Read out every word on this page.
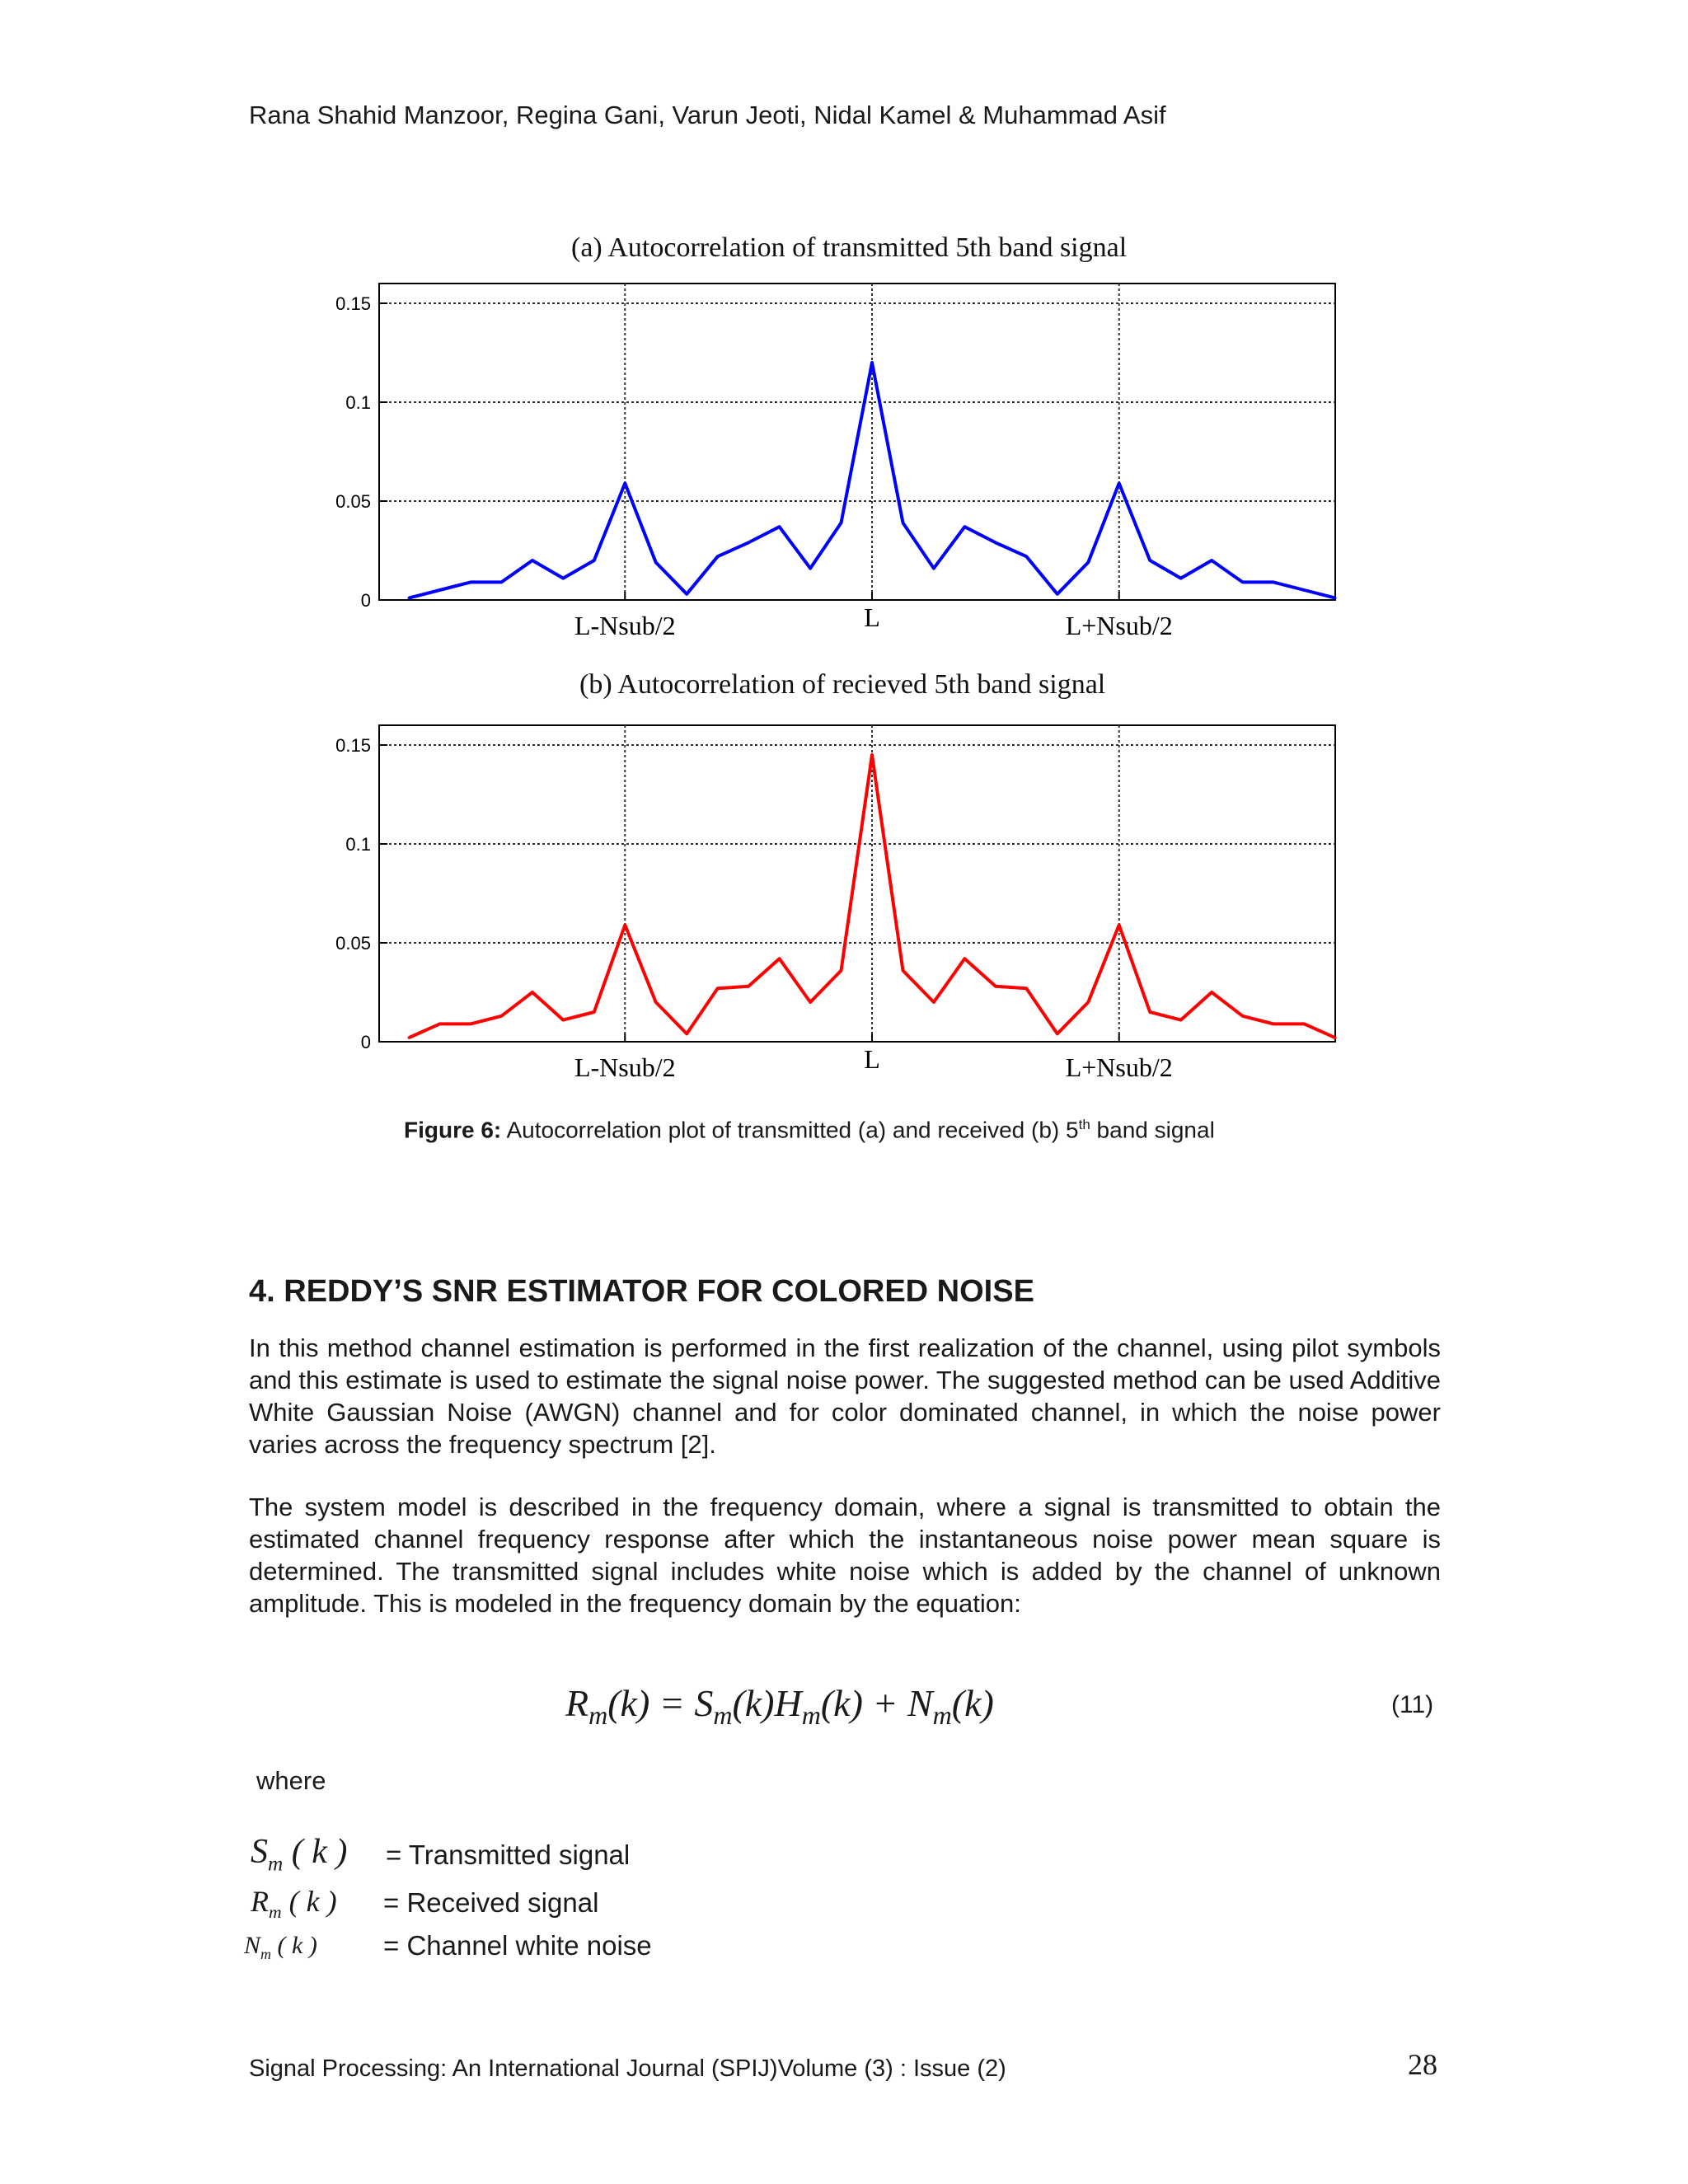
Rana Shahid Manzoor, Regina Gani, Varun Jeoti, Nidal Kamel & Muhammad Asif
(a) Autocorrelation of transmitted 5th band signal
0
0.05
0.1
0.15
L-Nsub/2	L	L+Nsub/2
(b) Autocorrelation of recieved 5th band signal
0
0.05
0.1
0.15
L-Nsub/2	L	L+Nsub/2
Figure 6: Autocorrelation plot of transmitted (a) and received (b) 5th band signal
4. REDDY’S SNR ESTIMATOR FOR COLORED NOISE
In this method channel estimation is performed in the first realization of the channel, using pilot symbols and this estimate is used to estimate the signal noise power. The suggested method can be used Additive White Gaussian Noise (AWGN) channel and for color dominated channel, in which the noise power varies across the frequency spectrum [2].
The system model is described in the frequency domain, where a signal is transmitted to obtain the estimated channel frequency response after which the instantaneous noise power mean square is determined. The transmitted signal includes white noise which is added by the channel of unknown amplitude. This is modeled in the frequency domain by the equation:
$R_m(k) = S_m(k)H_m(k) + N_m(k)$	(11)
where
$S_m$ ( k ) = Transmitted signal
$R_m$ ( k ) = Received signal
$N_m$ ( k ) = Channel white noise
Signal Processing: An International Journal (SPIJ)Volume (3) : Issue (2)	28
